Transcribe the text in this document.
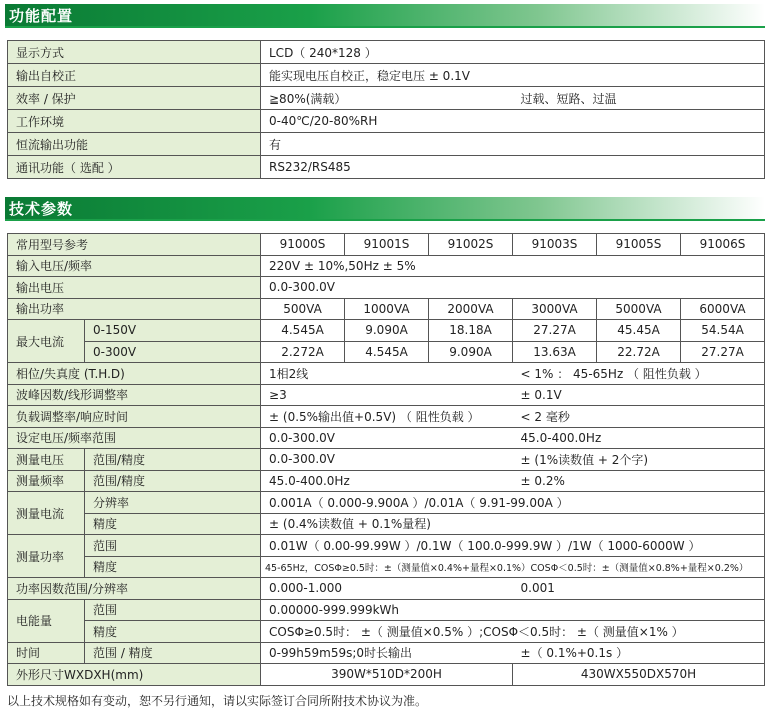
功能配置
显示方式	LCD（ 240*128 ）	
输出自校正	能实现电压自校正，稳定电压 ± 0.1V	
效率 / 保护	≧80%(满载）	过载、短路、过温
工作环境	0-40℃/20-80%RH	
恒流输出功能	有	
通讯功能（ 选配 ）	RS232/RS485	
技术参数
常用型号参考		91000S	91001S	91002S	91003S	91005S	91006S
输入电压/频率		220V ± 10%,50Hz ± 5%					
输出电压		0.0-300.0V					
输出功率		500VA	1000VA	2000VA	3000VA	5000VA	6000VA
最大电流	0-150V	4.545A	9.090A	18.18A	27.27A	45.45A	54.54A
	0-300V	2.272A	4.545A	9.090A	13.63A	22.72A	27.27A
相位/失真度 (T.H.D)		1相2线			< 1% ： 45-65Hz （ 阻性负载 ）		
波峰因数/线形调整率		≥3			± 0.1V		
负载调整率/响应时间		± (0.5%输出值+0.5V) （ 阻性负载 ）			< 2 毫秒		
设定电压/频率范围		0.0-300.0V			45.0-400.0Hz		
测量电压	范围/精度	0.0-300.0V			± (1%读数值 + 2个字)		
测量频率	范围/精度	45.0-400.0Hz			± 0.2%		
测量电流	分辨率	0.001A（ 0.000-9.900A ）/0.01A（ 9.91-99.00A ）					
	精度	± (0.4%读数值 + 0.1%量程)					
测量功率	范围	0.01W（ 0.00-99.99W ）/0.1W（ 100.0-999.9W ）/1W（ 1000-6000W ）					
	精度	45-65Hz，COSΦ≥0.5时：±（测量值×0.4%+量程×0.1%）COSΦ＜0.5时：±（测量值×0.8%+量程×0.2%）					
功率因数范围/分辨率		0.000-1.000			0.001		
电能量	范围	0.00000-999.999kWh					
	精度	COSΦ≥0.5时： ±（ 测量值×0.5% ）;COSΦ＜0.5时： ±（ 测量值×1% ）					
时间	范围 / 精度	0-99h59m59s;0时长输出			±（ 0.1%+0.1s ）		
外形尺寸WXDXH(mm)		390W*510D*200H			430WX550DX570H		
以上技术规格如有变动，恕不另行通知，请以实际签订合同所附技术协议为准。
